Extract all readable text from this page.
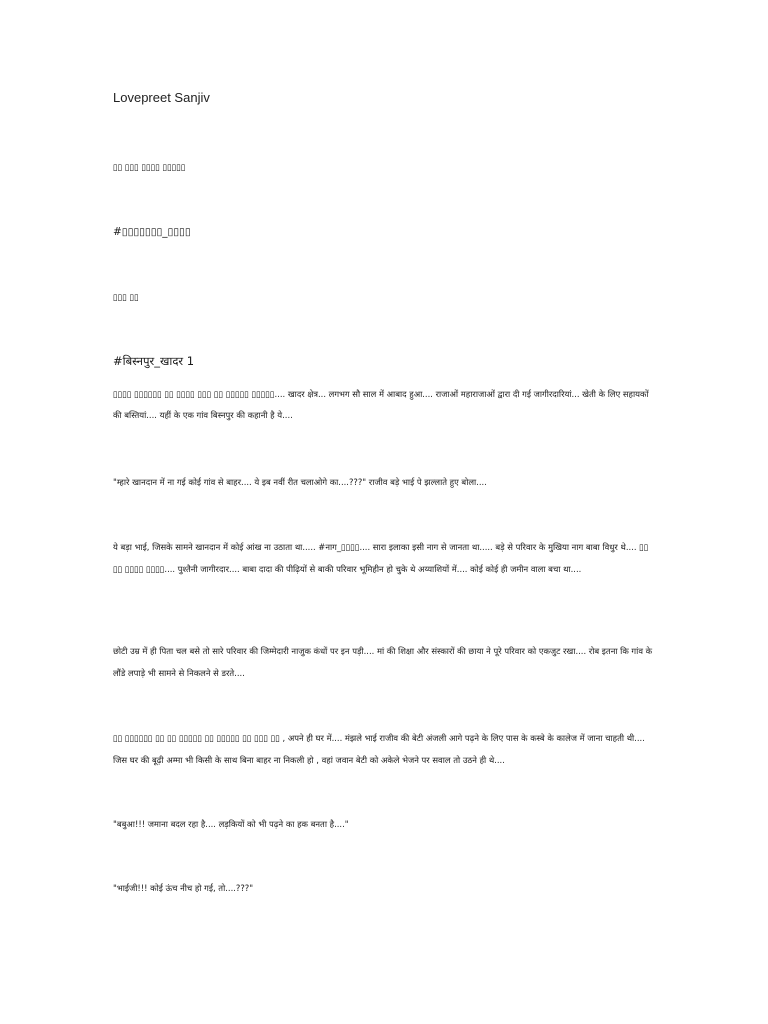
Lovepreet Sanjiv
▯▯ ▯▯▯ ▯▯▯▯ ▯▯▯▯▯
#▯▯▯▯▯▯▯_▯▯▯▯
▯▯▯ ▯▯
#बिस्नपुर_खादर 1
▯▯▯▯ ▯▯▯▯▯▯ ▯▯ ▯▯▯▯ ▯▯▯ ▯▯ ▯▯▯▯▯ ▯▯▯▯▯.... खादर क्षेत्र... लगभग सौ साल में आबाद हुआ.... राजाओं महाराजाओं द्वारा दी गई जागीरदारियां... खेती के लिए सहायकों की बस्तियां.... यहीं के एक गांव बिस्नपुर की कहानी है ये....
"म्हारे खानदान में ना गई कोई गांव से बाहर.... ये इब नवीं रीत चलाओगे का....???" राजीव बड़े भाई पे झल्लाते हुए बोला....
ये बड़ा भाई, जिसके सामने खानदान में कोई आंख ना उठाता था..... #नाग_▯▯▯▯.... सारा इलाका इसी नाग से जानता था..... बड़े से परिवार के मुखिया नाग बाबा विधुर थे.... ▯▯ ▯▯ ▯▯▯▯ ▯▯▯▯.... पुश्तैनी जागीरदार.... बाबा दादा की पीढ़ियों से बाकी परिवार भूमिहीन हो चुके थे अय्याशियों में.... कोई कोई ही जमीन वाला बचा था....
छोटी उम्र में ही पिता चल बसे तो सारे परिवार की जिम्मेदारी नाजुक कंधों पर इन पड़ी.... मां की शिक्षा और संस्कारों की छाया ने पूरे परिवार को एकजुट रखा.... रोब इतना कि गांव के लौंडे लपाड़े भी सामने से निकलने से डरते....
▯▯ ▯▯▯▯▯▯ ▯▯ ▯▯ ▯▯▯▯▯ ▯▯ ▯▯▯▯▯ ▯▯ ▯▯▯ ▯▯ , अपने ही घर में.... मंझले भाई राजीव की बेटी अंजली आगे पढ़ने के लिए पास के कस्बे के कालेज में जाना चाहती थी.... जिस घर की बूढ़ी अम्मा भी किसी के साथ बिना बाहर ना निकली हो , वहां जवान बेटी को अकेले भेजने पर सवाल तो उठने ही थे....
"बबुआ!!! जमाना बदल रहा है.... लड़कियों को भी पढ़ने का हक बनता है...."
"भाईजी!!! कोई ऊंच नीच हो गई, तो....???"
